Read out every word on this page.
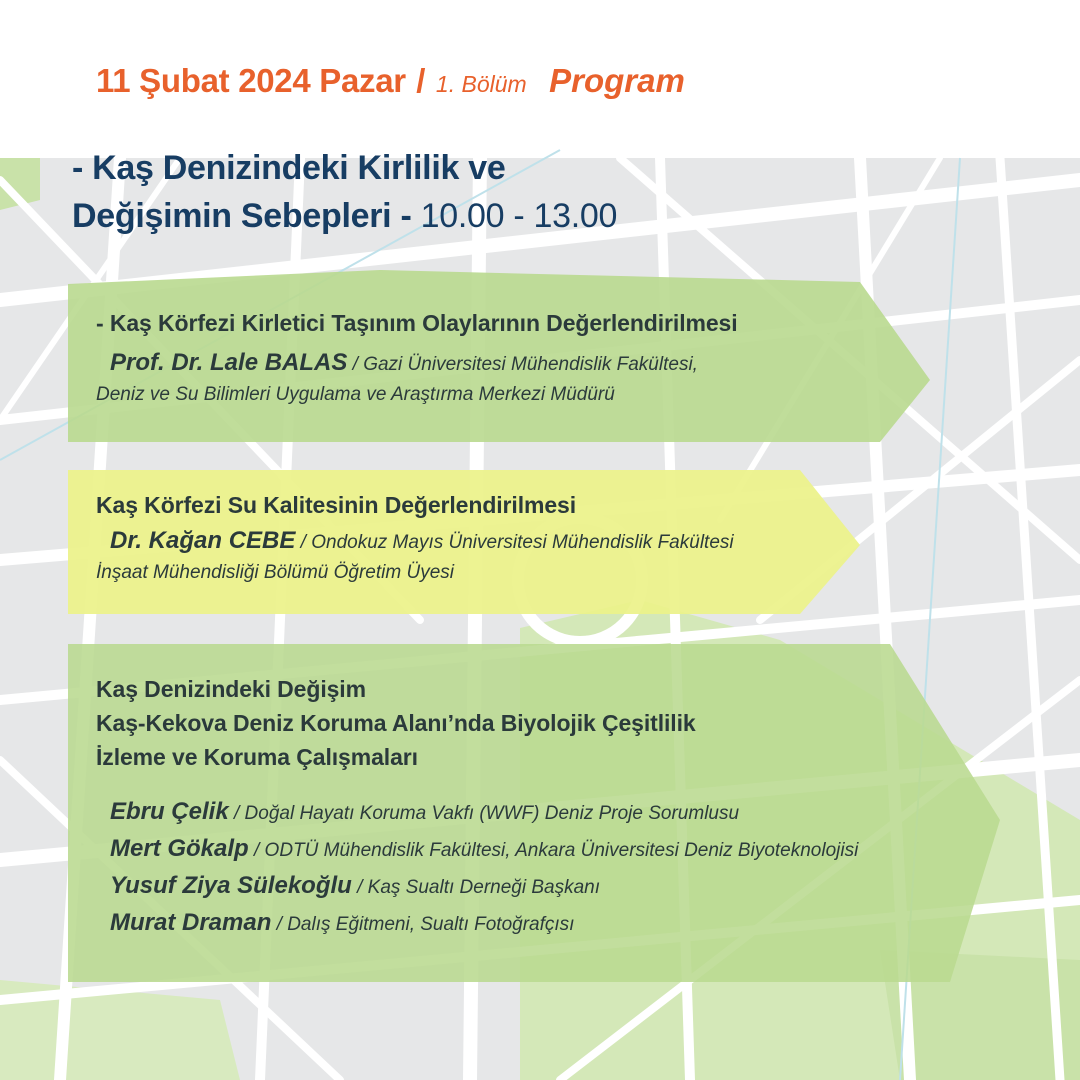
11 Şubat 2024 Pazar / 1. Bölüm Program
- Kaş Denizindeki Kirlilik ve
Değişimin Sebepleri - 10.00 - 13.00
- Kaş Körfezi Kirletici Taşınım Olaylarının Değerlendirilmesi
Prof. Dr. Lale BALAS / Gazi Üniversitesi Mühendislik Fakültesi,
Deniz ve Su Bilimleri Uygulama ve Araştırma Merkezi Müdürü
Kaş Körfezi Su Kalitesinin Değerlendirilmesi
Dr. Kağan CEBE / Ondokuz Mayıs Üniversitesi Mühendislik Fakültesi
İnşaat Mühendisliği Bölümü Öğretim Üyesi
Kaş Denizindeki Değişim
Kaş-Kekova Deniz Koruma Alanı’nda Biyolojik Çeşitlilik
İzleme ve Koruma Çalışmaları
Ebru Çelik / Doğal Hayatı Koruma Vakfı (WWF) Deniz Proje Sorumlusu
Mert Gökalp / ODTÜ Mühendislik Fakültesi, Ankara Üniversitesi Deniz Biyoteknolojisi
Yusuf Ziya Sülekoğlu / Kaş Sualtı Derneği Başkanı
Murat Draman / Dalış Eğitmeni, Sualtı Fotoğrafçısı
